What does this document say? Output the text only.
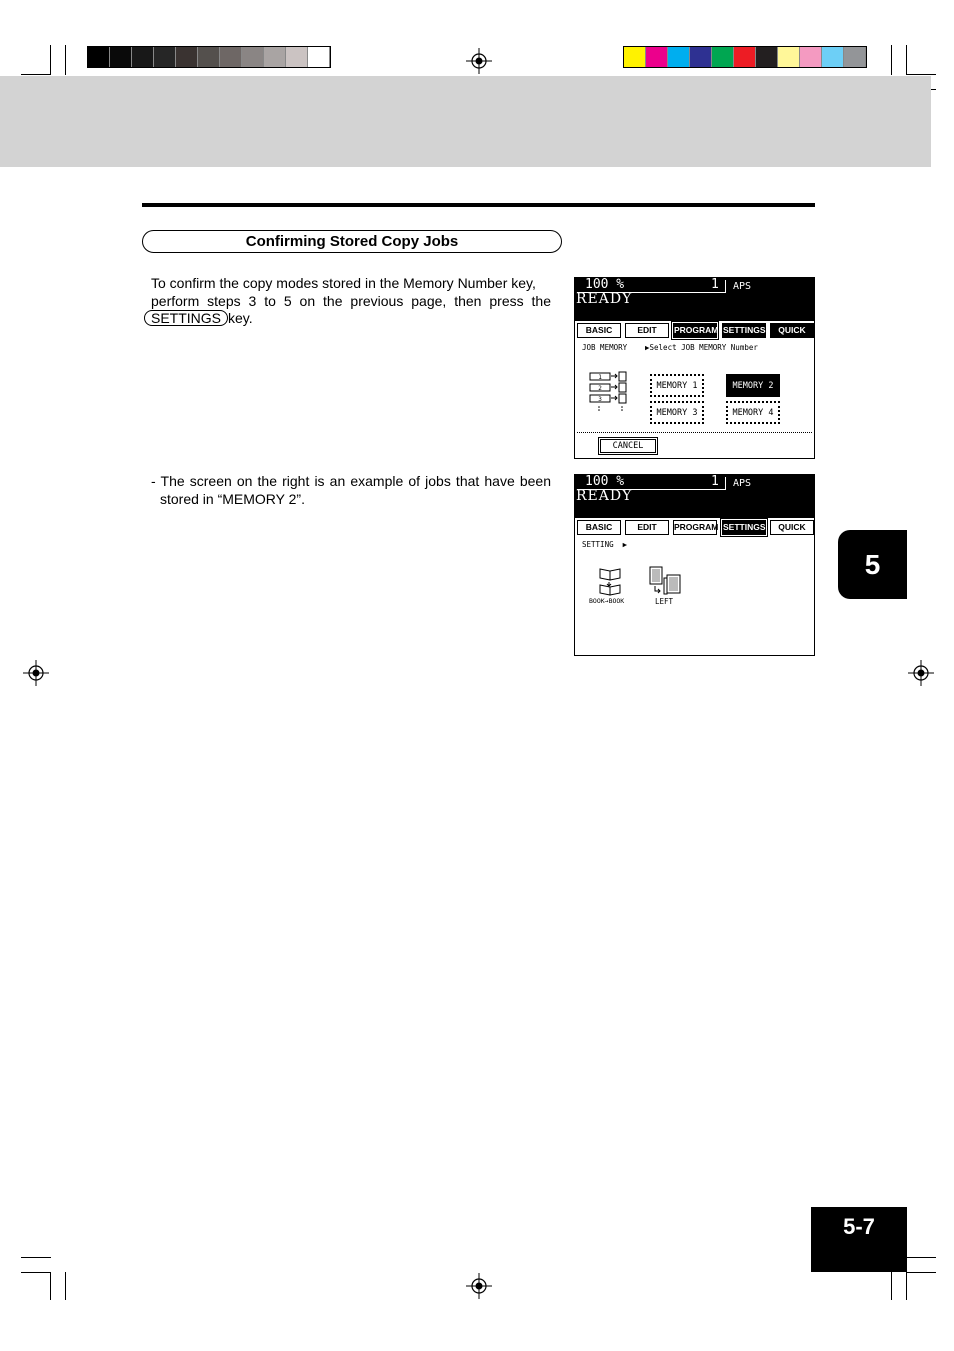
Confirming Stored Copy Jobs
To confirm the copy modes stored in the Memory Number key,
perform steps 3 to 5 on the previous page, then press the
SETTINGS key.
- The screen on the right is an example of jobs that have been
stored in “MEMORY 2”.
100 %	1 APS
READY
BASIC	EDIT	PROGRAM SETTINGS	QUICK
JOB MEMORY ▶Select JOB MEMORY Number
1
2
3
MEMORY 1	MEMORY 2
MEMORY 3	MEMORY 4
CANCEL
100 %	1 APS
READY
BASIC	EDIT	PROGRAM SETTINGS	QUICK
SETTING  ▶
BOOK→BOOK	LEFT
5
5-7
